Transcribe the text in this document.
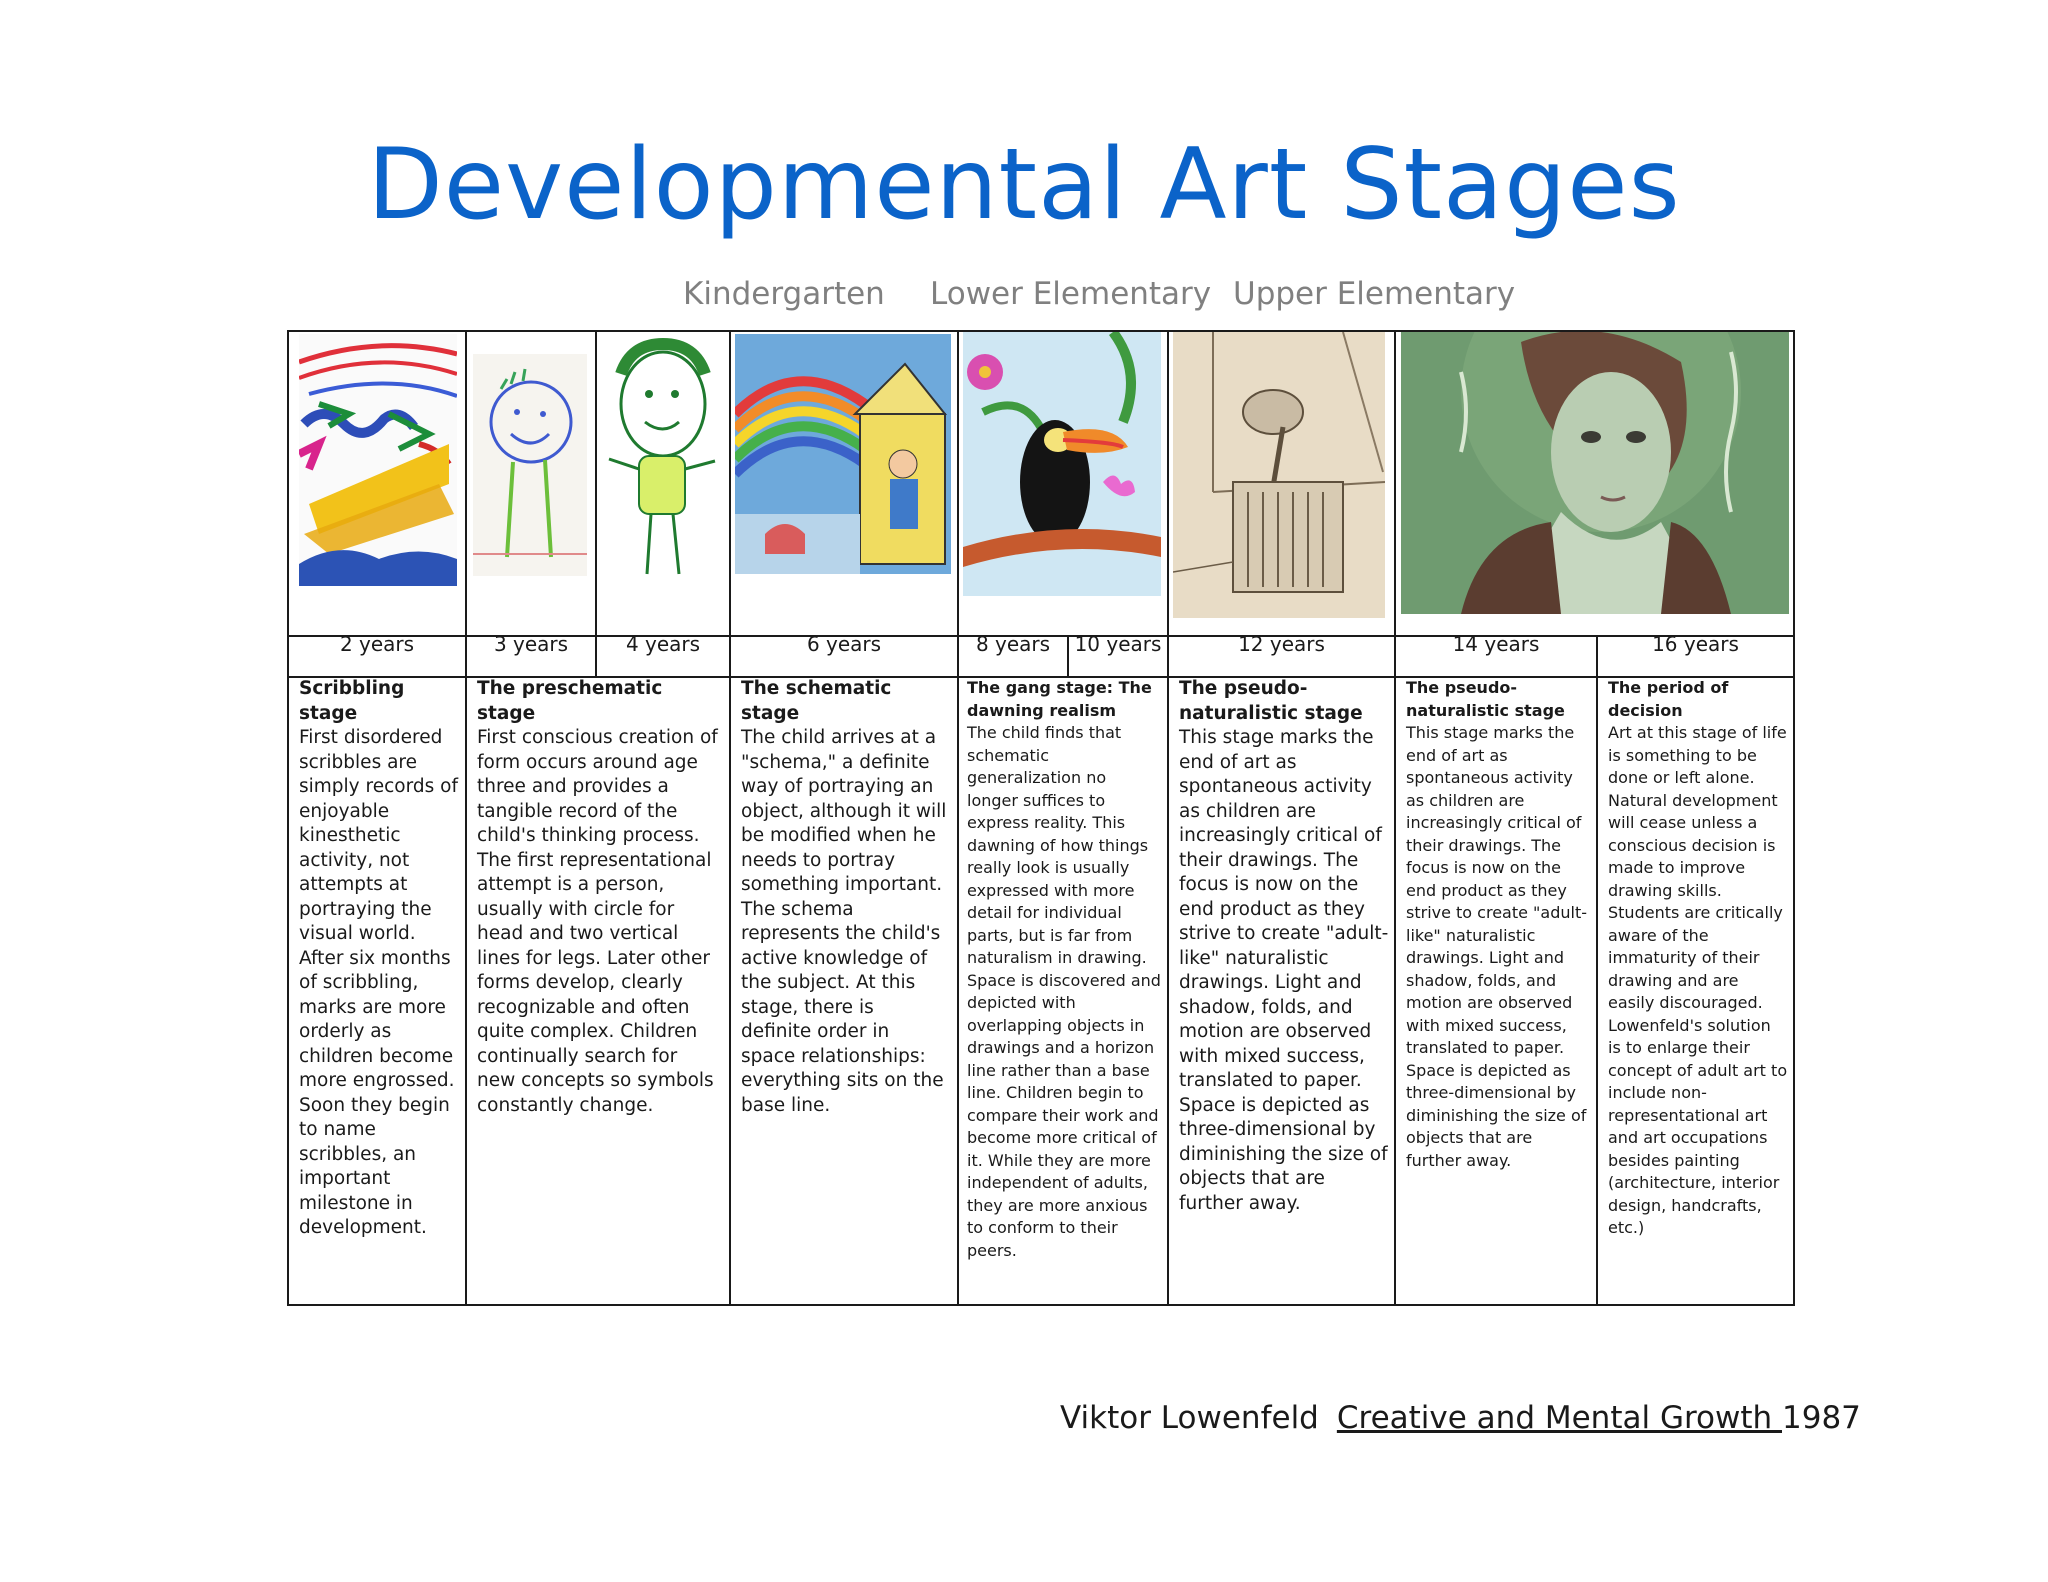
Developmental Art Stages
Kindergarten Lower Elementary Upper Elementary
2 years	3 years	4 years	6 years	8 years	10 years	12 years	14 years	16 years
Scribbling stage
First disordered scribbles are simply records of enjoyable kinesthetic activity, not attempts at portraying the visual world. After six months of scribbling, marks are more orderly as children become more engrossed. Soon they begin to name scribbles, an important milestone in development.
The preschematic stage
First conscious creation of form occurs around age three and provides a tangible record of the child's thinking process. The first representational attempt is a person, usually with circle for head and two vertical lines for legs. Later other forms develop, clearly recognizable and often quite complex. Children continually search for new concepts so symbols constantly change.
The schematic stage
The child arrives at a "schema," a definite way of portraying an object, although it will be modified when he needs to portray something important. The schema represents the child's active knowledge of the subject. At this stage, there is definite order in space relationships: everything sits on the base line.
The gang stage: The dawning realism
The child finds that schematic generalization no longer suffices to express reality. This dawning of how things really look is usually expressed with more detail for individual parts, but is far from naturalism in drawing. Space is discovered and depicted with overlapping objects in drawings and a horizon line rather than a base line. Children begin to compare their work and become more critical of it. While they are more independent of adults, they are more anxious to conform to their peers.
The pseudo-naturalistic stage
This stage marks the end of art as spontaneous activity as children are increasingly critical of their drawings. The focus is now on the end product as they strive to create "adult-like" naturalistic drawings. Light and shadow, folds, and motion are observed with mixed success, translated to paper. Space is depicted as three-dimensional by diminishing the size of objects that are further away.
The pseudo-naturalistic stage
This stage marks the end of art as spontaneous activity as children are increasingly critical of their drawings. The focus is now on the end product as they strive to create "adult-like" naturalistic drawings. Light and shadow, folds, and motion are observed with mixed success, translated to paper. Space is depicted as three-dimensional by diminishing the size of objects that are further away.
The period of decision
Art at this stage of life is something to be done or left alone. Natural development will cease unless a conscious decision is made to improve drawing skills. Students are critically aware of the immaturity of their drawing and are easily discouraged. Lowenfeld's solution is to enlarge their concept of adult art to include non-representational art and art occupations besides painting (architecture, interior design, handcrafts, etc.)
Viktor Lowenfeld Creative and Mental Growth 1987
